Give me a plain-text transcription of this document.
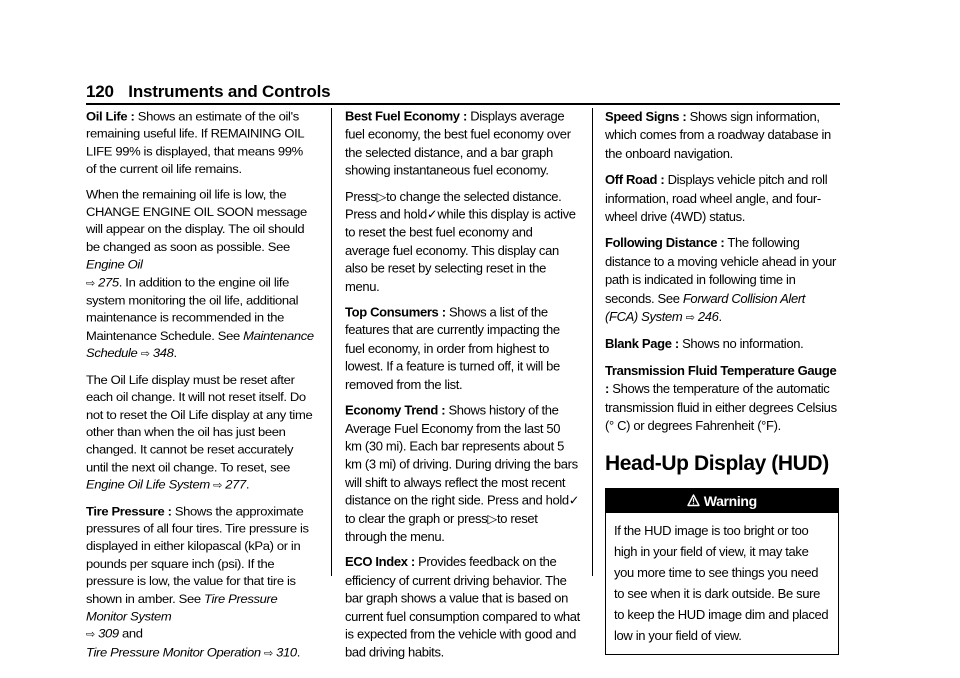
120 Instruments and Controls

Oil Life : Shows an estimate of the oil's remaining useful life. If REMAINING OIL LIFE 99% is displayed, that means 99% of the current oil life remains.

When the remaining oil life is low, the CHANGE ENGINE OIL SOON message will appear on the display. The oil should be changed as soon as possible. See Engine Oil
⇨ 275. In addition to the engine oil life system monitoring the oil life, additional maintenance is recommended in the Maintenance Schedule. See Maintenance Schedule ⇨ 348.

The Oil Life display must be reset after each oil change. It will not reset itself. Do not to reset the Oil Life display at any time other than when the oil has just been changed. It cannot be reset accurately until the next oil change. To reset, see Engine Oil Life System ⇨ 277.

Tire Pressure : Shows the approximate pressures of all four tires. Tire pressure is displayed in either kilopascal (kPa) or in pounds per square inch (psi). If the pressure is low, the value for that tire is shown in amber. See Tire Pressure Monitor System
⇨ 309 and
Tire Pressure Monitor Operation ⇨ 310.

Best Fuel Economy : Displays average fuel economy, the best fuel economy over the selected distance, and a bar graph showing instantaneous fuel economy.

Press▷to change the selected distance. Press and hold✓while this display is active to reset the best fuel economy and average fuel economy. This display can also be reset by selecting reset in the menu.

Top Consumers : Shows a list of the features that are currently impacting the fuel economy, in order from highest to lowest. If a feature is turned off, it will be removed from the list.

Economy Trend : Shows history of the Average Fuel Economy from the last 50 km (30 mi). Each bar represents about 5 km (3 mi) of driving. During driving the bars will shift to always reflect the most recent distance on the right side. Press and hold✓ to clear the graph or press▷to reset through the menu.

ECO Index : Provides feedback on the efficiency of current driving behavior. The bar graph shows a value that is based on current fuel consumption compared to what is expected from the vehicle with good and bad driving habits.

Speed Signs : Shows sign information, which comes from a roadway database in the onboard navigation.

Off Road : Displays vehicle pitch and roll information, road wheel angle, and four-wheel drive (4WD) status.

Following Distance : The following distance to a moving vehicle ahead in your path is indicated in following time in seconds. See Forward Collision Alert (FCA) System ⇨ 246.

Blank Page : Shows no information.

Transmission Fluid Temperature Gauge : Shows the temperature of the automatic transmission fluid in either degrees Celsius (° C) or degrees Fahrenheit (°F).

Head-Up Display (HUD)
Warning
If the HUD image is too bright or too high in your field of view, it may take you more time to see things you need to see when it is dark outside. Be sure to keep the HUD image dim and placed low in your field of view.
